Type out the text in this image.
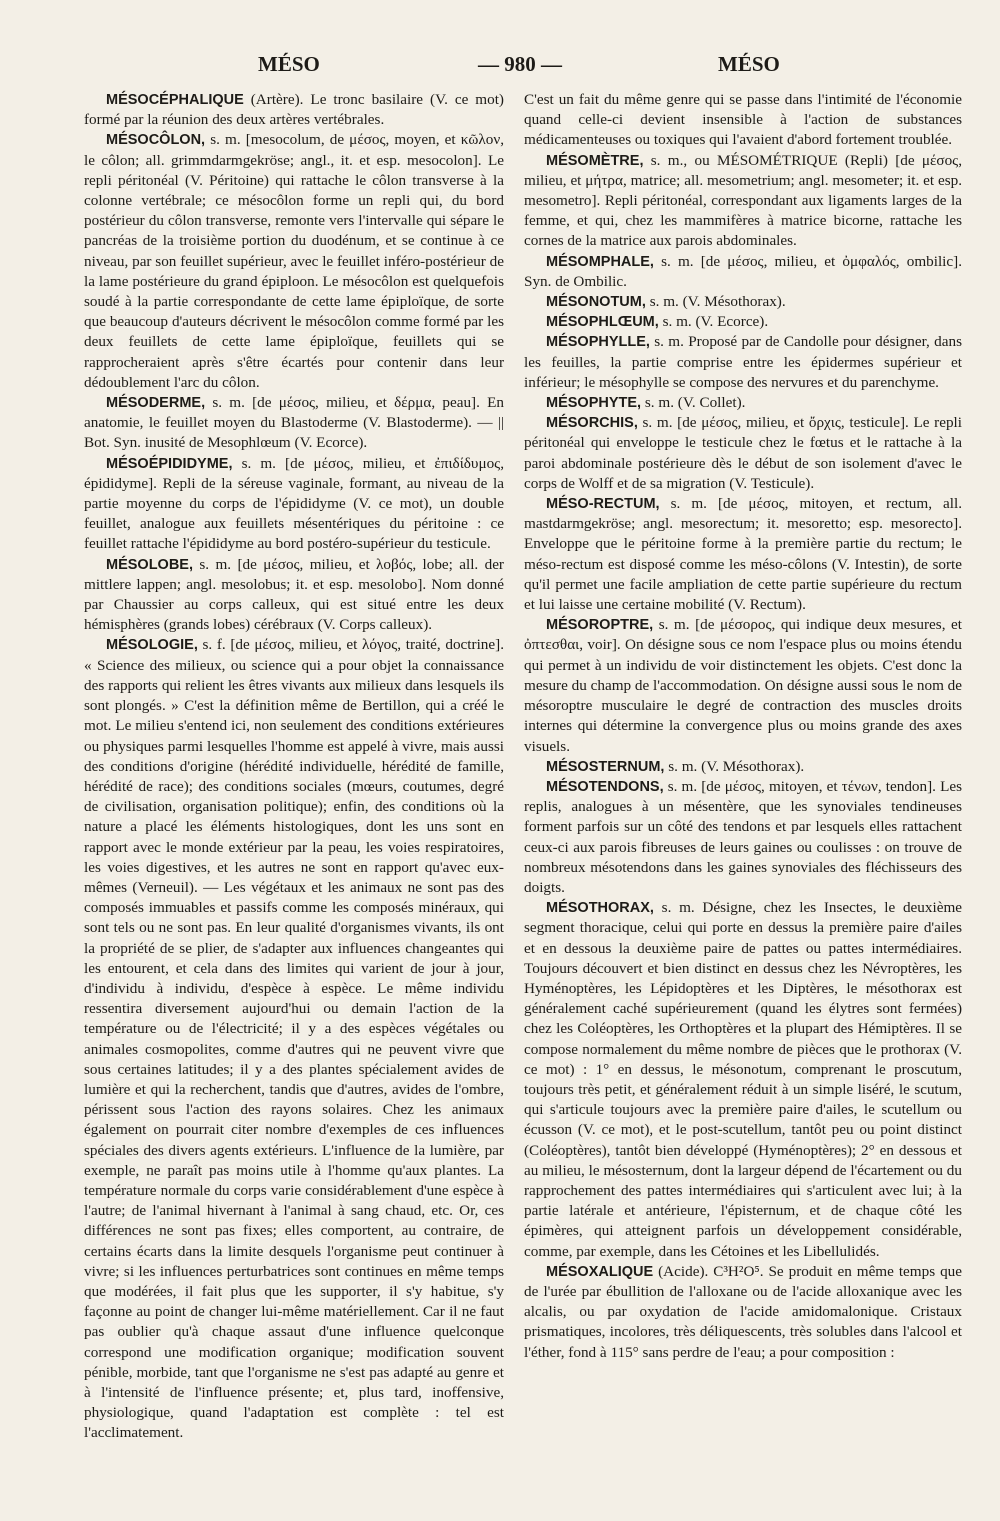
MÉSO	— 980 —	MÉSO

MÉSOCÉPHALIQUE (Artère). Le tronc basilaire (V. ce mot) formé par la réunion des deux artères vertébrales.

MÉSOCÔLON, s. m. [mesocolum, de μέσος, moyen, et κῶλον, le côlon; all. grimmdarmgekröse; angl., it. et esp. mesocolon]. Le repli péritonéal (V. Péritoine) qui rattache le côlon transverse à la colonne vertébrale; ce mésocôlon forme un repli qui, du bord postérieur du côlon transverse, remonte vers l'intervalle qui sépare le pancréas de la troisième portion du duodénum, et se continue à ce niveau, par son feuillet supérieur, avec le feuillet inféro-postérieur de la lame postérieure du grand épiploon. Le mésocôlon est quelquefois soudé à la partie correspondante de cette lame épiploïque, de sorte que beaucoup d'auteurs décrivent le mésocôlon comme formé par les deux feuillets de cette lame épiploïque, feuillets qui se rapprocheraient après s'être écartés pour contenir dans leur dédoublement l'arc du côlon.

MÉSODERME, s. m. [de μέσος, milieu, et δέρμα, peau]. En anatomie, le feuillet moyen du Blastoderme (V. Blastoderme). — || Bot. Syn. inusité de Mesophlœum (V. Ecorce).

MÉSOÉPIDIDYME, s. m. [de μέσος, milieu, et ἐπιδίδυμος, épididyme]. Repli de la séreuse vaginale, formant, au niveau de la partie moyenne du corps de l'épididyme (V. ce mot), un double feuillet, analogue aux feuillets mésentériques du péritoine : ce feuillet rattache l'épididyme au bord postéro-supérieur du testicule.

MÉSOLOBE, s. m. [de μέσος, milieu, et λοβός, lobe; all. der mittlere lappen; angl. mesolobus; it. et esp. mesolobo]. Nom donné par Chaussier au corps calleux, qui est situé entre les deux hémisphères (grands lobes) cérébraux (V. Corps calleux).

MÉSOLOGIE, s. f. [de μέσος, milieu, et λόγος, traité, doctrine]. « Science des milieux, ou science qui a pour objet la connaissance des rapports qui relient les êtres vivants aux milieux dans lesquels ils sont plongés. » C'est la définition même de Bertillon, qui a créé le mot. Le milieu s'entend ici, non seulement des conditions extérieures ou physiques parmi lesquelles l'homme est appelé à vivre, mais aussi des conditions d'origine (hérédité individuelle, hérédité de famille, hérédité de race); des conditions sociales (mœurs, coutumes, degré de civilisation, organisation politique); enfin, des conditions où la nature a placé les éléments histologiques, dont les uns sont en rapport avec le monde extérieur par la peau, les voies respiratoires, les voies digestives, et les autres ne sont en rapport qu'avec eux-mêmes (Verneuil). — Les végétaux et les animaux ne sont pas des composés immuables et passifs comme les composés minéraux, qui sont tels ou ne sont pas. En leur qualité d'organismes vivants, ils ont la propriété de se plier, de s'adapter aux influences changeantes qui les entourent, et cela dans des limites qui varient de jour à jour, d'individu à individu, d'espèce à espèce. Le même individu ressentira diversement aujourd'hui ou demain l'action de la température ou de l'électricité; il y a des espèces végétales ou animales cosmopolites, comme d'autres qui ne peuvent vivre que sous certaines latitudes; il y a des plantes spécialement avides de lumière et qui la recherchent, tandis que d'autres, avides de l'ombre, périssent sous l'action des rayons solaires. Chez les animaux également on pourrait citer nombre d'exemples de ces influences spéciales des divers agents extérieurs. L'influence de la lumière, par exemple, ne paraît pas moins utile à l'homme qu'aux plantes. La température normale du corps varie considérablement d'une espèce à l'autre; de l'animal hivernant à l'animal à sang chaud, etc. Or, ces différences ne sont pas fixes; elles comportent, au contraire, de certains écarts dans la limite desquels l'organisme peut continuer à vivre; si les influences perturbatrices sont continues en même temps que modérées, il fait plus que les supporter, il s'y habitue, s'y façonne au point de changer lui-même matériellement. Car il ne faut pas oublier qu'à chaque assaut d'une influence quelconque correspond une modification organique; modification souvent pénible, morbide, tant que l'organisme ne s'est pas adapté au genre et à l'intensité de l'influence présente; et, plus tard, inoffensive, physiologique, quand l'adaptation est complète : tel est l'acclimatement.

C'est un fait du même genre qui se passe dans l'intimité de l'économie quand celle-ci devient insensible à l'action de substances médicamenteuses ou toxiques qui l'avaient d'abord fortement troublée.

MÉSOMÈTRE, s. m., ou MÉSOMÉTRIQUE (Repli) [de μέσος, milieu, et μήτρα, matrice; all. mesometrium; angl. mesometer; it. et esp. mesometro]. Repli péritonéal, correspondant aux ligaments larges de la femme, et qui, chez les mammifères à matrice bicorne, rattache les cornes de la matrice aux parois abdominales.

MÉSOMPHALE, s. m. [de μέσος, milieu, et ὀμφαλός, ombilic]. Syn. de Ombilic.

MÉSONOTUM, s. m. (V. Mésothorax).

MÉSOPHLŒUM, s. m. (V. Ecorce).

MÉSOPHYLLE, s. m. Proposé par de Candolle pour désigner, dans les feuilles, la partie comprise entre les épidermes supérieur et inférieur; le mésophylle se compose des nervures et du parenchyme.

MÉSOPHYTE, s. m. (V. Collet).

MÉSORCHIS, s. m. [de μέσος, milieu, et ὄρχις, testicule]. Le repli péritonéal qui enveloppe le testicule chez le fœtus et le rattache à la paroi abdominale postérieure dès le début de son isolement d'avec le corps de Wolff et de sa migration (V. Testicule).

MÉSO-RECTUM, s. m. [de μέσος, mitoyen, et rectum, all. mastdarmgekröse; angl. mesorectum; it. mesoretto; esp. mesorecto]. Enveloppe que le péritoine forme à la première partie du rectum; le méso-rectum est disposé comme les méso-côlons (V. Intestin), de sorte qu'il permet une facile ampliation de cette partie supérieure du rectum et lui laisse une certaine mobilité (V. Rectum).

MÉSOROPTRE, s. m. [de μέσορος, qui indique deux mesures, et ὀπτεσθαι, voir]. On désigne sous ce nom l'espace plus ou moins étendu qui permet à un individu de voir distinctement les objets. C'est donc la mesure du champ de l'accommodation. On désigne aussi sous le nom de mésoroptre musculaire le degré de contraction des muscles droits internes qui détermine la convergence plus ou moins grande des axes visuels.

MÉSOSTERNUM, s. m. (V. Mésothorax).

MÉSOTENDONS, s. m. [de μέσος, mitoyen, et τένων, tendon]. Les replis, analogues à un mésentère, que les synoviales tendineuses forment parfois sur un côté des tendons et par lesquels elles rattachent ceux-ci aux parois fibreuses de leurs gaines ou coulisses : on trouve de nombreux mésotendons dans les gaines synoviales des fléchisseurs des doigts.

MÉSOTHORAX, s. m. Désigne, chez les Insectes, le deuxième segment thoracique, celui qui porte en dessus la première paire d'ailes et en dessous la deuxième paire de pattes ou pattes intermédiaires. Toujours découvert et bien distinct en dessus chez les Névroptères, les Hyménoptères, les Lépidoptères et les Diptères, le mésothorax est généralement caché supérieurement (quand les élytres sont fermées) chez les Coléoptères, les Orthoptères et la plupart des Hémiptères. Il se compose normalement du même nombre de pièces que le prothorax (V. ce mot) : 1° en dessus, le mésonotum, comprenant le proscutum, toujours très petit, et généralement réduit à un simple liséré, le scutum, qui s'articule toujours avec la première paire d'ailes, le scutellum ou écusson (V. ce mot), et le post-scutellum, tantôt peu ou point distinct (Coléoptères), tantôt bien développé (Hyménoptères); 2° en dessous et au milieu, le mésosternum, dont la largeur dépend de l'écartement ou du rapprochement des pattes intermédiaires qui s'articulent avec lui; à la partie latérale et antérieure, l'épisternum, et de chaque côté les épimères, qui atteignent parfois un développement considérable, comme, par exemple, dans les Cétoines et les Libellulidés.

MÉSOXALIQUE (Acide). C³H²O⁵. Se produit en même temps que de l'urée par ébullition de l'alloxane ou de l'acide alloxanique avec les alcalis, ou par oxydation de l'acide amidomalonique. Cristaux prismatiques, incolores, très déliquescents, très solubles dans l'alcool et l'éther, fond à 115° sans perdre de l'eau; a pour composition :
